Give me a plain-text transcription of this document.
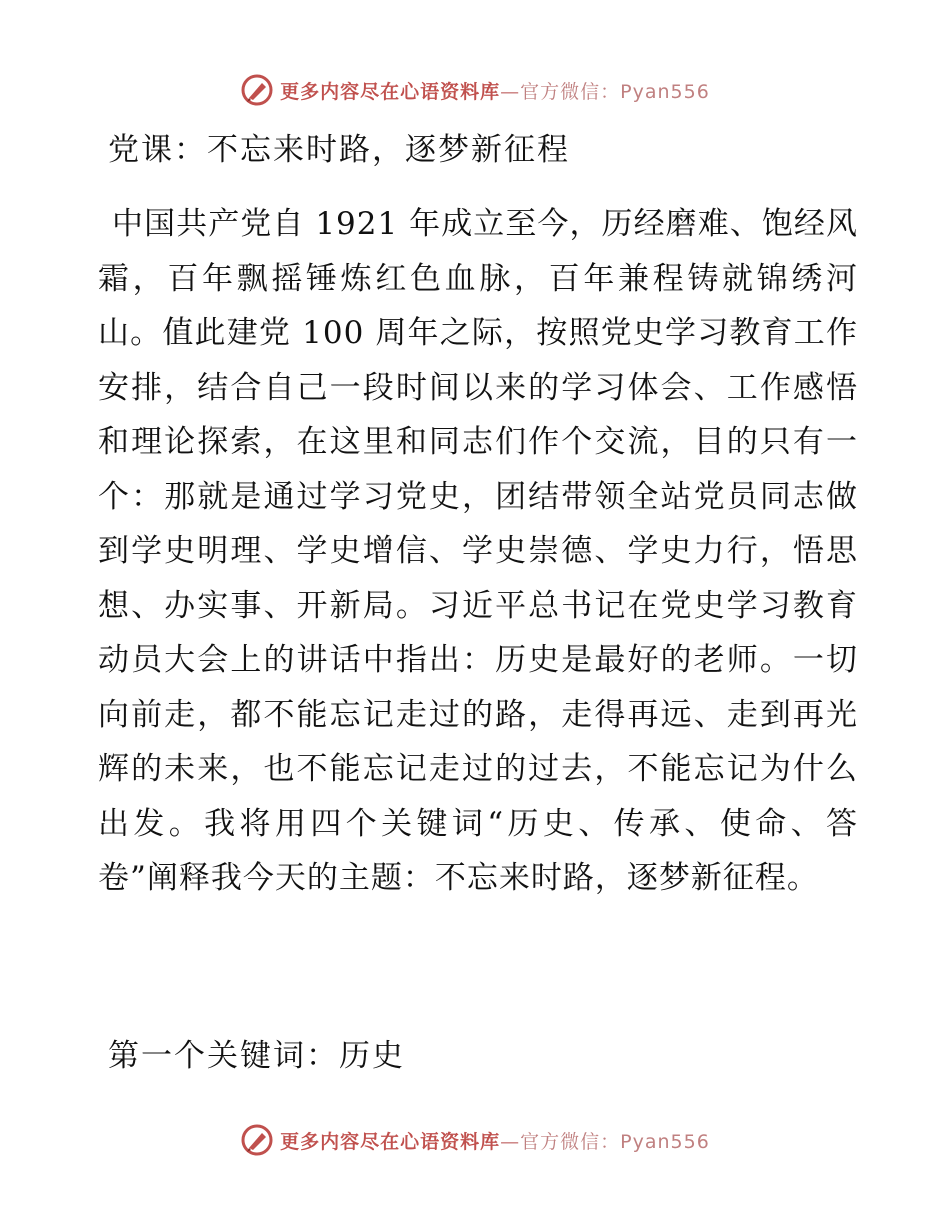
更多内容尽在心语资料库—官方微信：Pyan556
党课：不忘来时路，逐梦新征程

中国共产党自 1921 年成立至今，历经磨难、饱经风霜，百年飘摇锤炼红色血脉，百年兼程铸就锦绣河山。值此建党 100 周年之际，按照党史学习教育工作安排，结合自己一段时间以来的学习体会、工作感悟和理论探索，在这里和同志们作个交流，目的只有一个：那就是通过学习党史，团结带领全站党员同志做到学史明理、学史增信、学史崇德、学史力行，悟思想、办实事、开新局。习近平总书记在党史学习教育动员大会上的讲话中指出：历史是最好的老师。一切向前走，都不能忘记走过的路，走得再远、走到再光辉的未来，也不能忘记走过的过去，不能忘记为什么出发。我将用四个关键词“历史、传承、使命、答卷”阐释我今天的主题：不忘来时路，逐梦新征程。

第一个关键词：历史
更多内容尽在心语资料库—官方微信：Pyan556
